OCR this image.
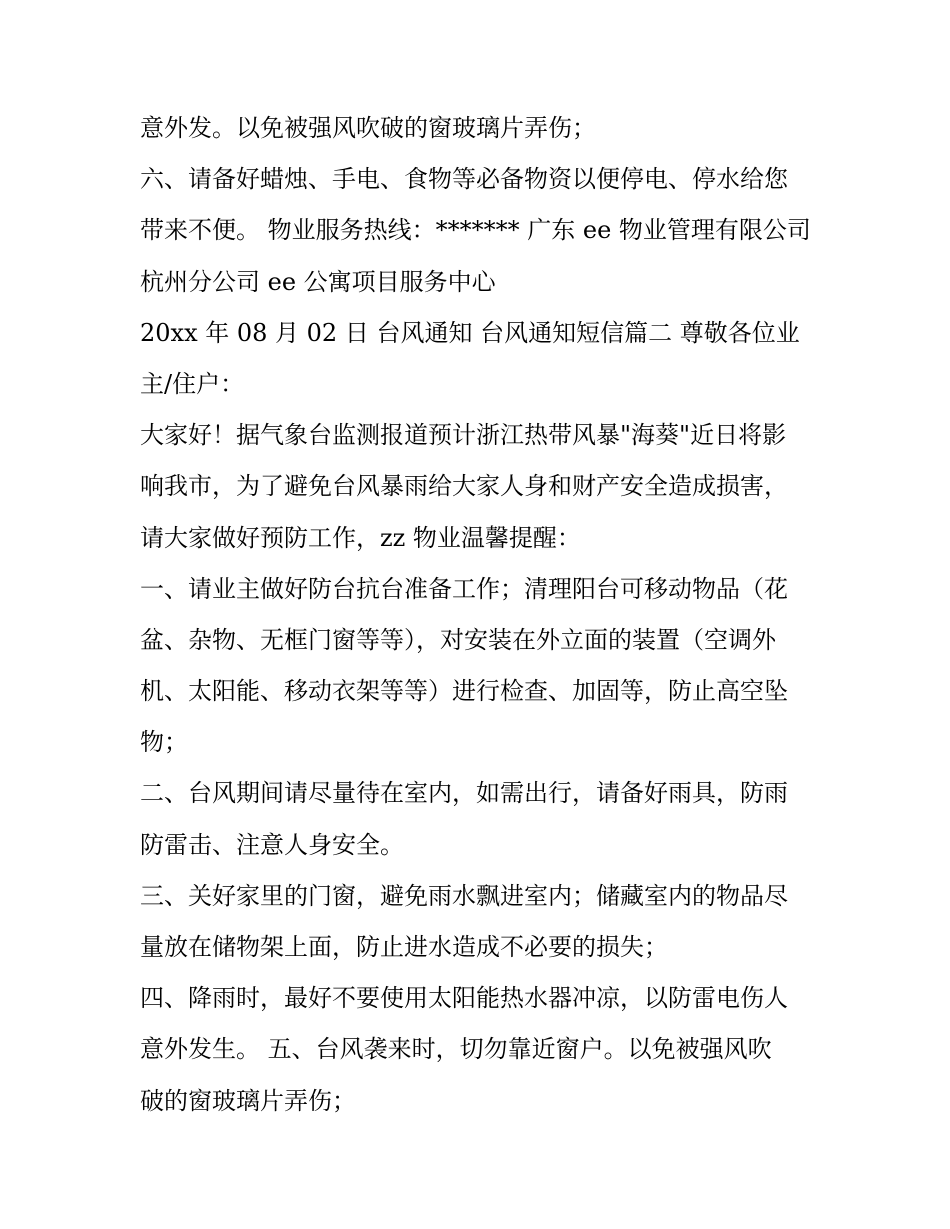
意外发。以免被强风吹破的窗玻璃片弄伤；
六、请备好蜡烛、手电、食物等必备物资以便停电、停水给您
带来不便。 物业服务热线：******* 广东 ee 物业管理有限公司
杭州分公司 ee 公寓项目服务中心
20xx 年 08 月 02 日 台风通知 台风通知短信篇二 尊敬各位业
主/住户：
大家好！据气象台监测报道预计浙江热带风暴"海葵"近日将影
响我市，为了避免台风暴雨给大家人身和财产安全造成损害，
请大家做好预防工作，zz 物业温馨提醒：
一、请业主做好防台抗台准备工作；清理阳台可移动物品（花
盆、杂物、无框门窗等等），对安装在外立面的装置（空调外
机、太阳能、移动衣架等等）进行检查、加固等，防止高空坠
物；
二、台风期间请尽量待在室内，如需出行，请备好雨具，防雨
防雷击、注意人身安全。
三、关好家里的门窗，避免雨水飘进室内；储藏室内的物品尽
量放在储物架上面，防止进水造成不必要的损失；
四、降雨时，最好不要使用太阳能热水器冲凉，以防雷电伤人
意外发生。 五、台风袭来时，切勿靠近窗户。以免被强风吹
破的窗玻璃片弄伤；
